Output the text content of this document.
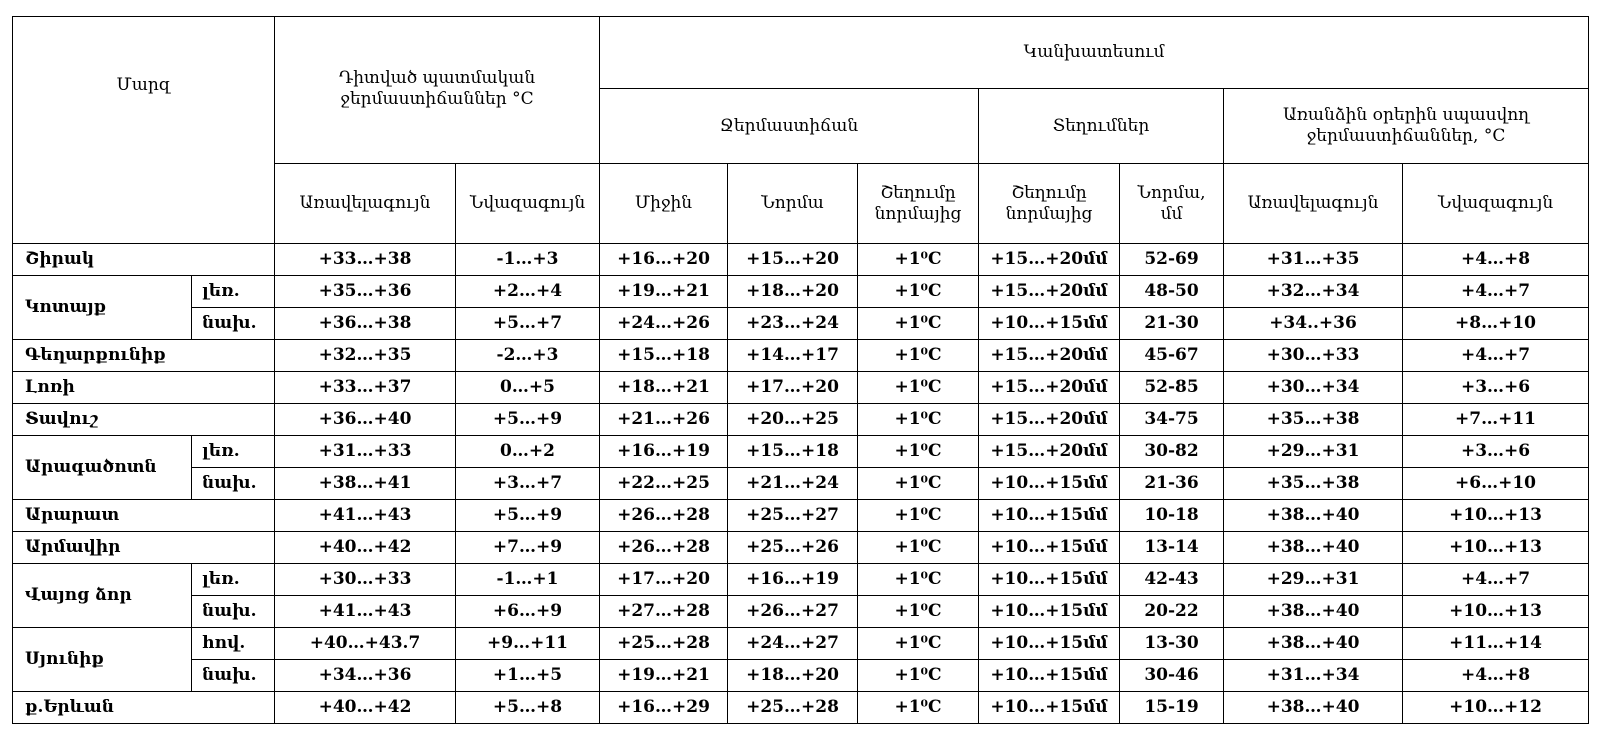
Մարզ		Դիտված պատմական ջերմաստիճաններ °C		Կանխատեսում						
				Ջերմաստիճան			Տեղումներ		Առանձին օրերին սպասվող ջերմաստիճաններ, °C	
		Առավելագույն	Նվազագույն	Միջին	Նորմա	Շեղումը նորմայից	Շեղումը նորմայից	Նորմա, մմ	Առավելագույն	Նվազագույն
Շիրակ		+33…+38	-1…+3	+16…+20	+15…+20	+1⁰C	+15…+20մմ	52-69	+31…+35	+4…+8
Կոտայք	լեռ.	+35…+36	+2…+4	+19…+21	+18…+20	+1⁰C	+15…+20մմ	48-50	+32…+34	+4…+7
	նախ.	+36…+38	+5…+7	+24…+26	+23…+24	+1⁰C	+10…+15մմ	21-30	+34..+36	+8…+10
Գեղարքունիք		+32…+35	-2…+3	+15…+18	+14…+17	+1⁰C	+15…+20մմ	45-67	+30…+33	+4…+7
Լոռի		+33…+37	0…+5	+18…+21	+17…+20	+1⁰C	+15…+20մմ	52-85	+30…+34	+3…+6
Տավուշ		+36…+40	+5…+9	+21…+26	+20…+25	+1⁰C	+15…+20մմ	34-75	+35…+38	+7…+11
Արագածոտն	լեռ.	+31…+33	0…+2	+16…+19	+15…+18	+1⁰C	+15…+20մմ	30-82	+29…+31	+3…+6
	նախ.	+38…+41	+3…+7	+22…+25	+21…+24	+1⁰C	+10…+15մմ	21-36	+35…+38	+6…+10
Արարատ		+41…+43	+5…+9	+26…+28	+25…+27	+1⁰C	+10…+15մմ	10-18	+38…+40	+10…+13
Արմավիր		+40…+42	+7…+9	+26…+28	+25…+26	+1⁰C	+10…+15մմ	13-14	+38…+40	+10…+13
Վայոց ձոր	լեռ.	+30…+33	-1…+1	+17…+20	+16…+19	+1⁰C	+10…+15մմ	42-43	+29…+31	+4…+7
	նախ.	+41…+43	+6…+9	+27…+28	+26…+27	+1⁰C	+10…+15մմ	20-22	+38…+40	+10…+13
Սյունիք	հով.	+40…+43.7	+9…+11	+25…+28	+24…+27	+1⁰C	+10…+15մմ	13-30	+38…+40	+11…+14
	նախ.	+34…+36	+1…+5	+19…+21	+18…+20	+1⁰C	+10…+15մմ	30-46	+31…+34	+4…+8
ք.Երևան		+40…+42	+5…+8	+16…+29	+25…+28	+1⁰C	+10…+15մմ	15-19	+38…+40	+10…+12
